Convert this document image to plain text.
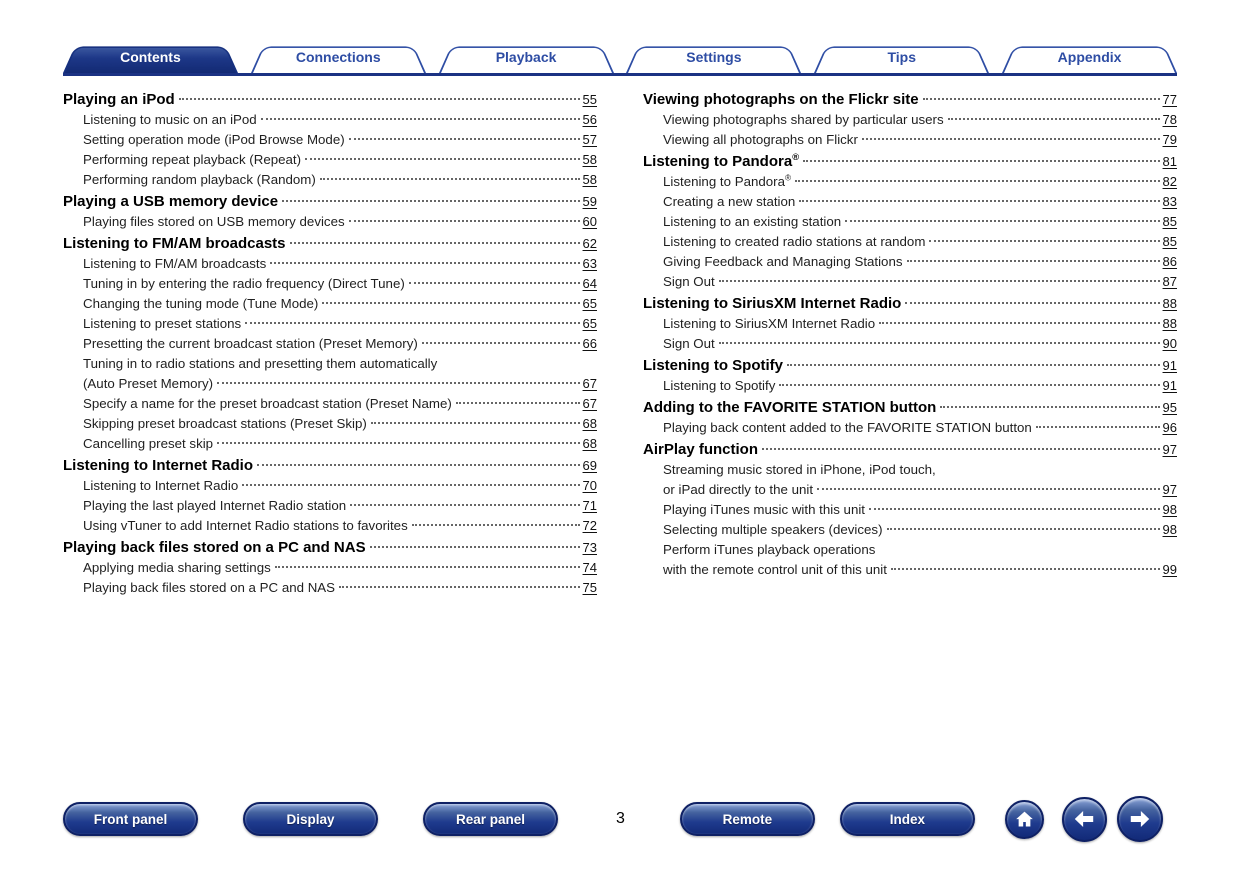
Contents	Connections	Playback	Settings	Tips	Appendix
Playing an iPod	55
Listening to music on an iPod	56
Setting operation mode (iPod Browse Mode)	57
Performing repeat playback (Repeat)	58
Performing random playback (Random)	58
Playing a USB memory device	59
Playing files stored on USB memory devices	60
Listening to FM/AM broadcasts	62
Listening to FM/AM broadcasts	63
Tuning in by entering the radio frequency (Direct Tune)	64
Changing the tuning mode (Tune Mode)	65
Listening to preset stations	65
Presetting the current broadcast station (Preset Memory)	66
Tuning in to radio stations and presetting them automatically
(Auto Preset Memory)	67
Specify a name for the preset broadcast station (Preset Name)	67
Skipping preset broadcast stations (Preset Skip)	68
Cancelling preset skip	68
Listening to Internet Radio	69
Listening to Internet Radio	70
Playing the last played Internet Radio station	71
Using vTuner to add Internet Radio stations to favorites	72
Playing back files stored on a PC and NAS	73
Applying media sharing settings	74
Playing back files stored on a PC and NAS	75
Viewing photographs on the Flickr site	77
Viewing photographs shared by particular users	78
Viewing all photographs on Flickr	79
Listening to Pandora®	81
Listening to Pandora®	82
Creating a new station	83
Listening to an existing station	85
Listening to created radio stations at random	85
Giving Feedback and Managing Stations	86
Sign Out	87
Listening to SiriusXM Internet Radio	88
Listening to SiriusXM Internet Radio	88
Sign Out	90
Listening to Spotify	91
Listening to Spotify	91
Adding to the FAVORITE STATION button	95
Playing back content added to the FAVORITE STATION button	96
AirPlay function	97
Streaming music stored in iPhone, iPod touch,
or iPad directly to the unit	97
Playing iTunes music with this unit	98
Selecting multiple speakers (devices)	98
Perform iTunes playback operations
with the remote control unit of this unit	99
Front panel	Display	Rear panel	3	Remote	Index
